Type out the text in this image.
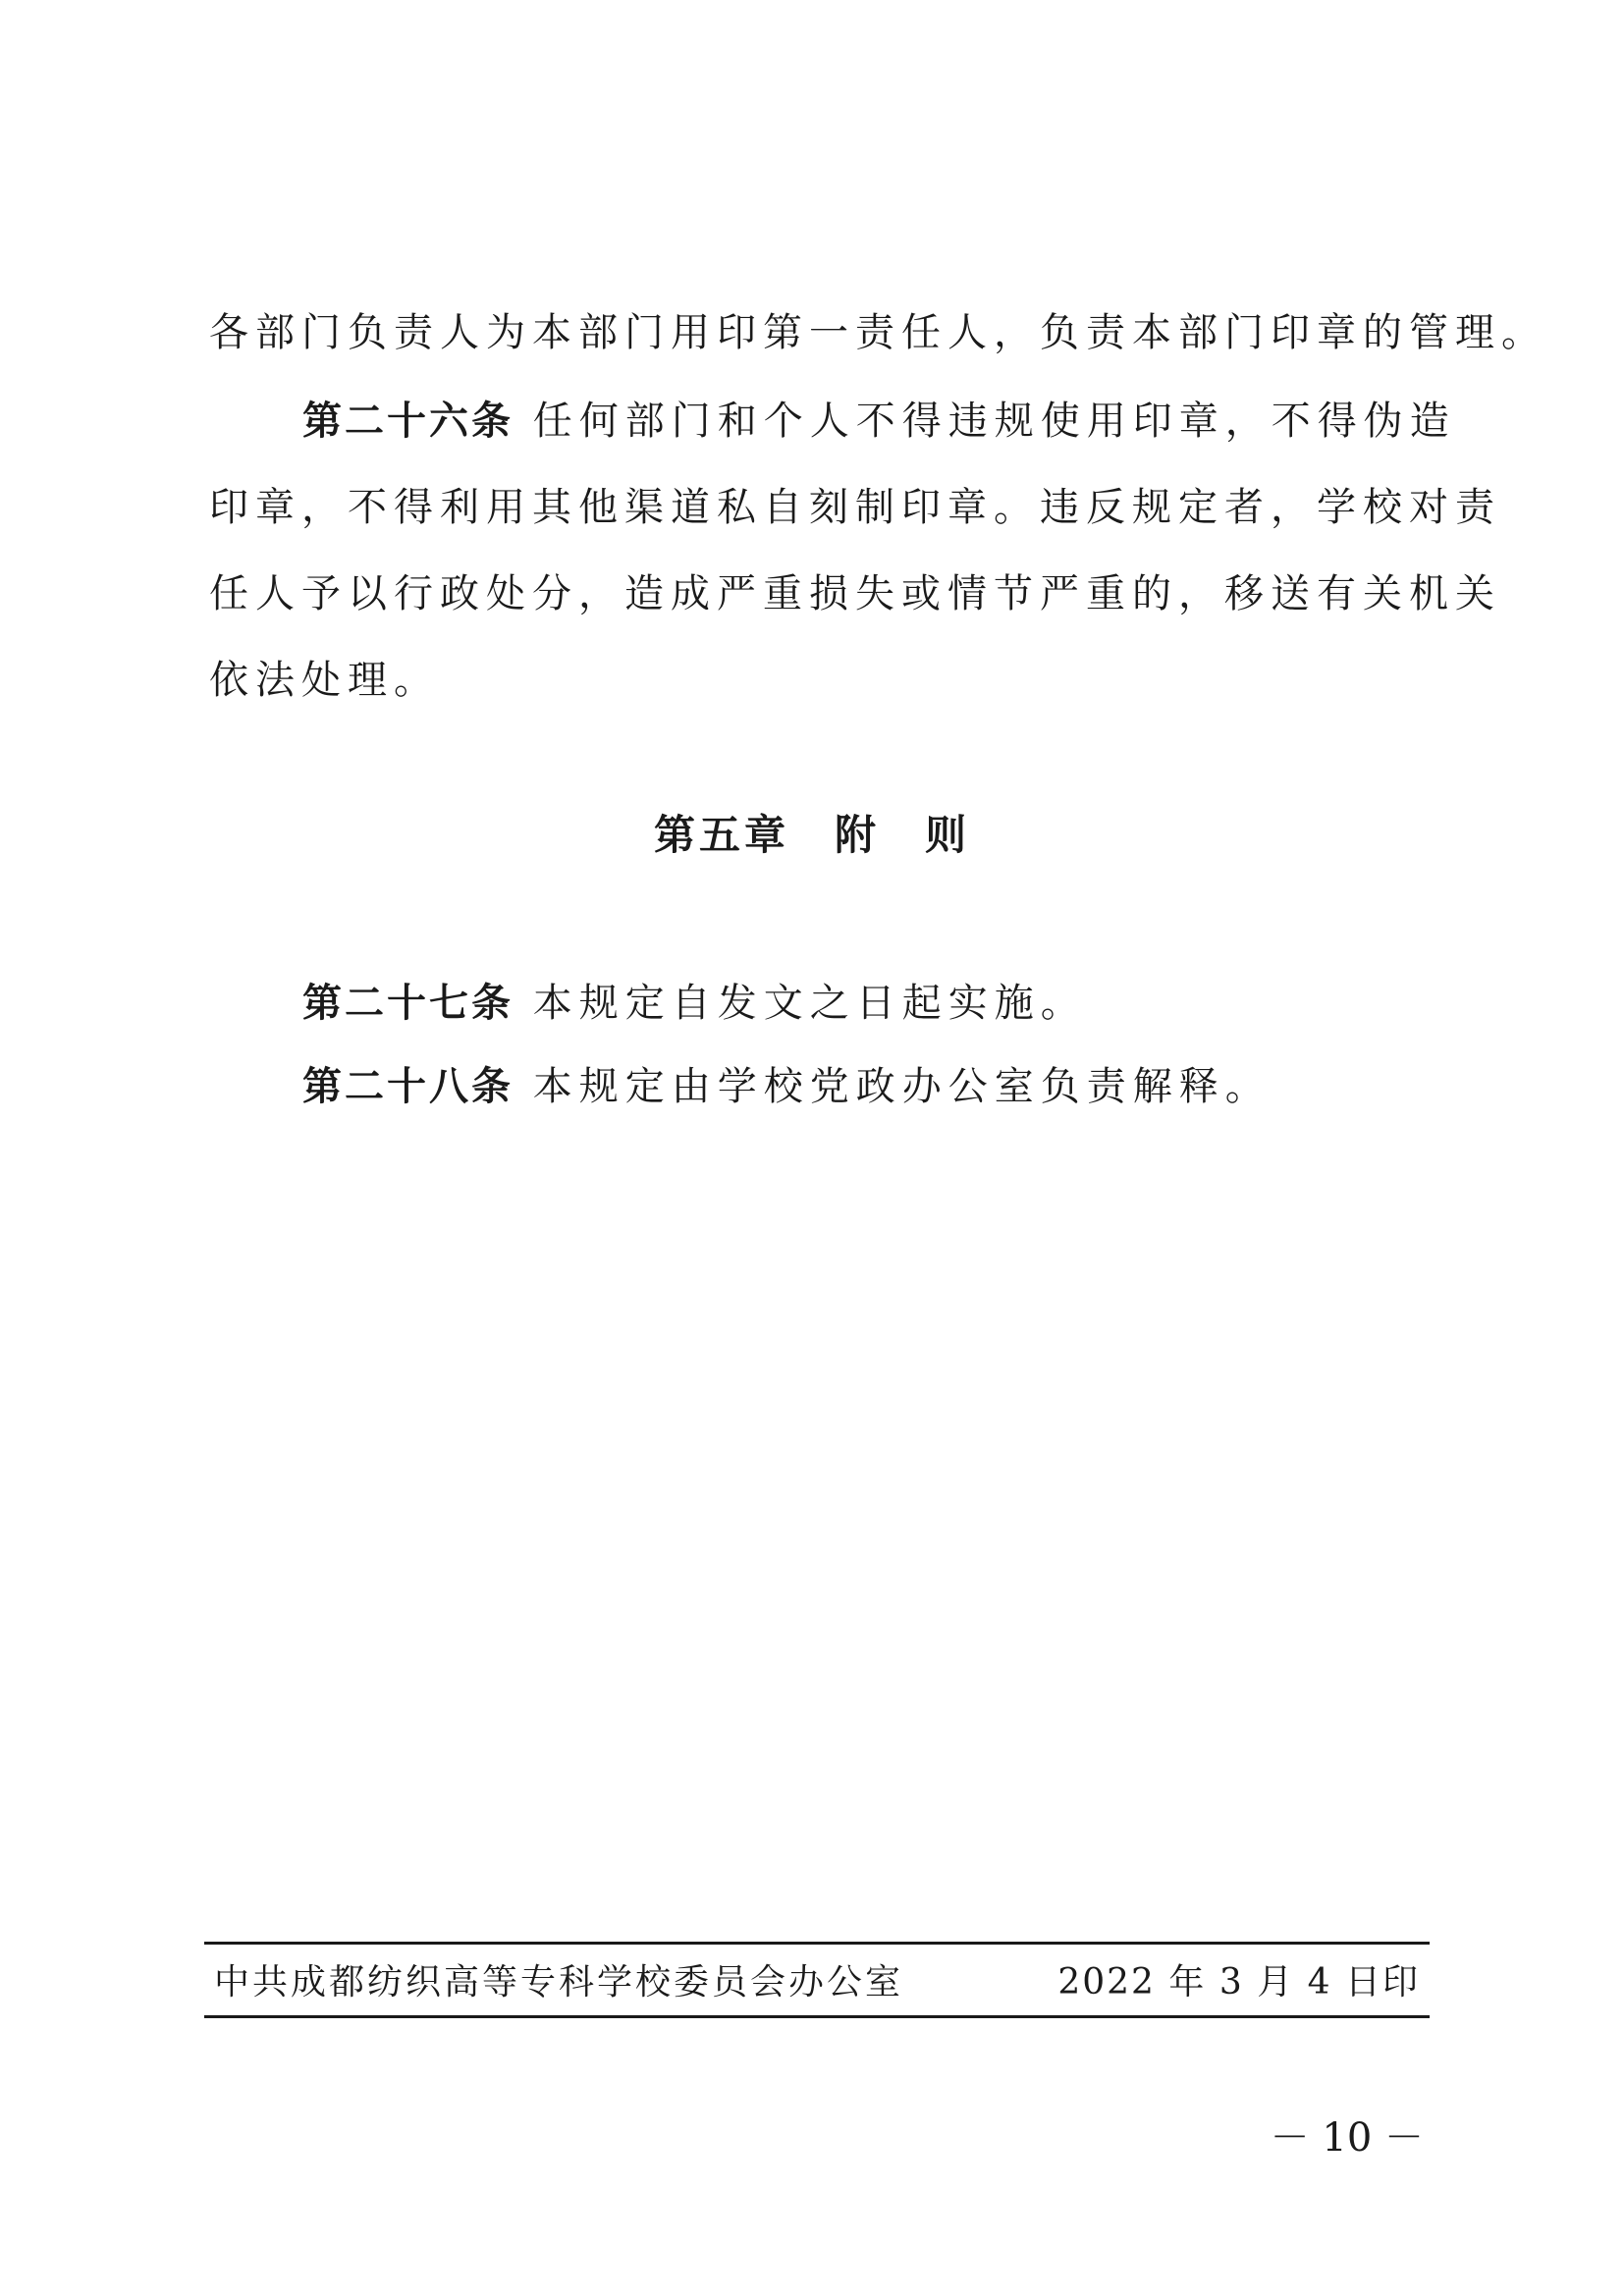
各部门负责人为本部门用印第一责任人，负责本部门印章的管理。
第二十六条 任何部门和个人不得违规使用印章，不得伪造
印章，不得利用其他渠道私自刻制印章。违反规定者，学校对责
任人予以行政处分，造成严重损失或情节严重的，移送有关机关
依法处理。
第五章　附　则
第二十七条 本规定自发文之日起实施。
第二十八条 本规定由学校党政办公室负责解释。
中共成都纺织高等专科学校委员会办公室	2022 年 3 月 4 日印
－ 10 －
